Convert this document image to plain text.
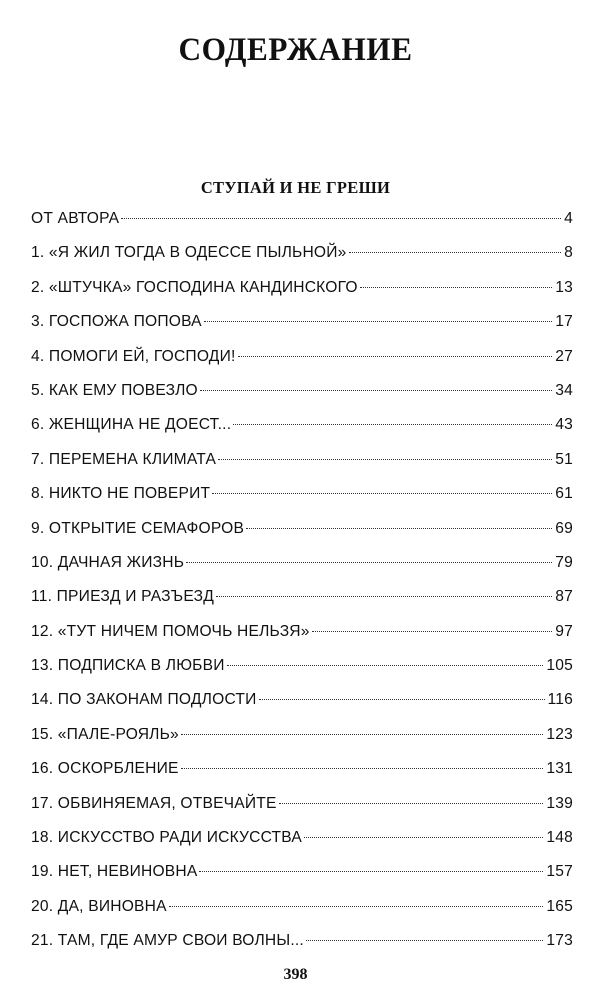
СОДЕРЖАНИЕ
СТУПАЙ И НЕ ГРЕШИ
ОТ АВТОРА	4
1. «Я ЖИЛ ТОГДА В ОДЕССЕ ПЫЛЬНОЙ»	8
2. «ШТУЧКА» ГОСПОДИНА КАНДИНСКОГО	13
3. ГОСПОЖА ПОПОВА	17
4. ПОМОГИ ЕЙ, ГОСПОДИ!	27
5. КАК ЕМУ ПОВЕЗЛО	34
6. ЖЕНЩИНА НЕ ДОЕСТ...	43
7. ПЕРЕМЕНА КЛИМАТА	51
8. НИКТО НЕ ПОВЕРИТ	61
9. ОТКРЫТИЕ СЕМАФОРОВ	69
10. ДАЧНАЯ ЖИЗНЬ	79
11. ПРИЕЗД И РАЗЪЕЗД	87
12. «ТУТ НИЧЕМ ПОМОЧЬ НЕЛЬЗЯ»	97
13. ПОДПИСКА В ЛЮБВИ	105
14. ПО ЗАКОНАМ ПОДЛОСТИ	116
15. «ПАЛЕ-РОЯЛЬ»	123
16. ОСКОРБЛЕНИЕ	131
17. ОБВИНЯЕМАЯ, ОТВЕЧАЙТЕ	139
18. ИСКУССТВО РАДИ ИСКУССТВА	148
19. НЕТ, НЕВИНОВНА	157
20. ДА, ВИНОВНА	165
21. ТАМ, ГДЕ АМУР СВОИ ВОЛНЫ...	173
398
